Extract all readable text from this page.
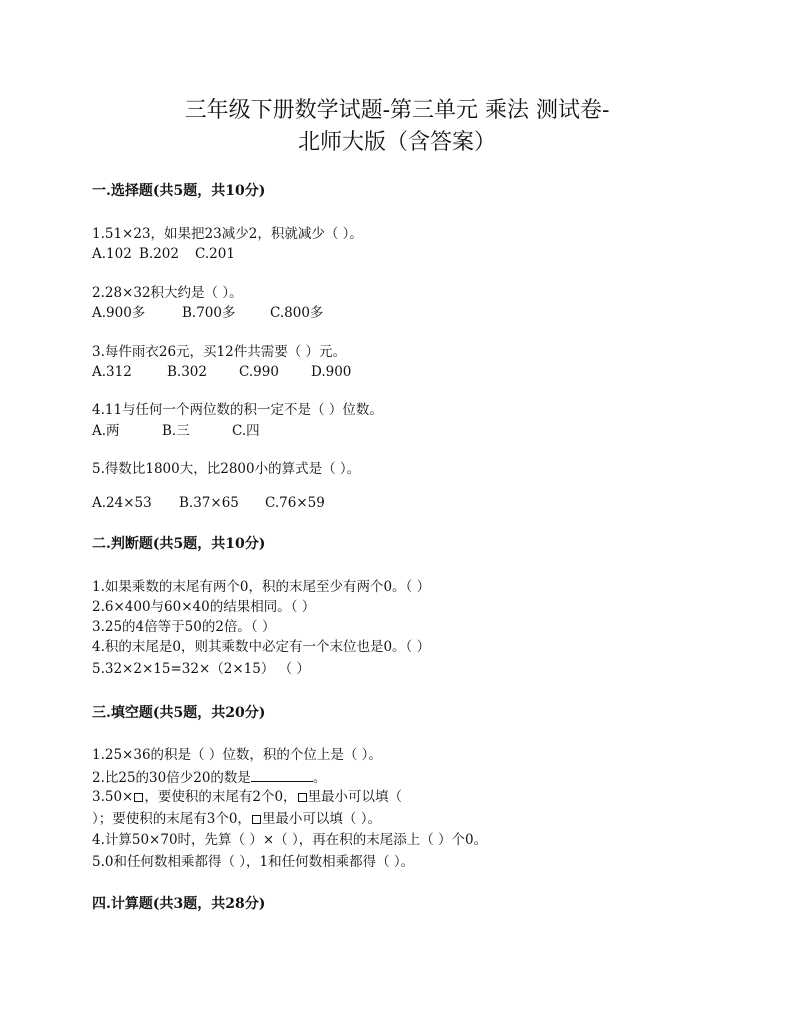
三年级下册数学试题-第三单元 乘法 测试卷-
北师大版（含答案）
一.选择题(共5题，共10分)
1.51×23，如果把23减少2，积就减少（ ）。
A.102 B.202 C.201
2.28×32积大约是（ ）。
A.900多	B.700多	C.800多
3.每件雨衣26元，买12件共需要（ ）元。
A.312	B.302 C.990 D.900
4.11与任何一个两位数的积一定不是（ ）位数。
A.两	B.三	C.四
5.得数比1800大，比2800小的算式是（ ）。
A.24×53 B.37×65 C.76×59
二.判断题(共5题，共10分)
1.如果乘数的末尾有两个0，积的末尾至少有两个0。（ ）
2.6×400与60×40的结果相同。（ ）
3.25的4倍等于50的2倍。（ ）
4.积的末尾是0，则其乘数中必定有一个末位也是0。（ ）
5.32×2×15=32×（2×15） （ ）
三.填空题(共5题，共20分)
1.25×36的积是（ ）位数，积的个位上是（ ）。
2.比25的30倍少20的数是	。
3.50× ，要使积的末尾有2个0， 里最小可以填（
）；要使积的末尾有3个0， 里最小可以填（ ）。
4.计算50×70时，先算（ ）×（ ），再在积的末尾添上（ ）个0。
5.0和任何数相乘都得（ ），1和任何数相乘都得（ ）。
四.计算题(共3题，共28分)
